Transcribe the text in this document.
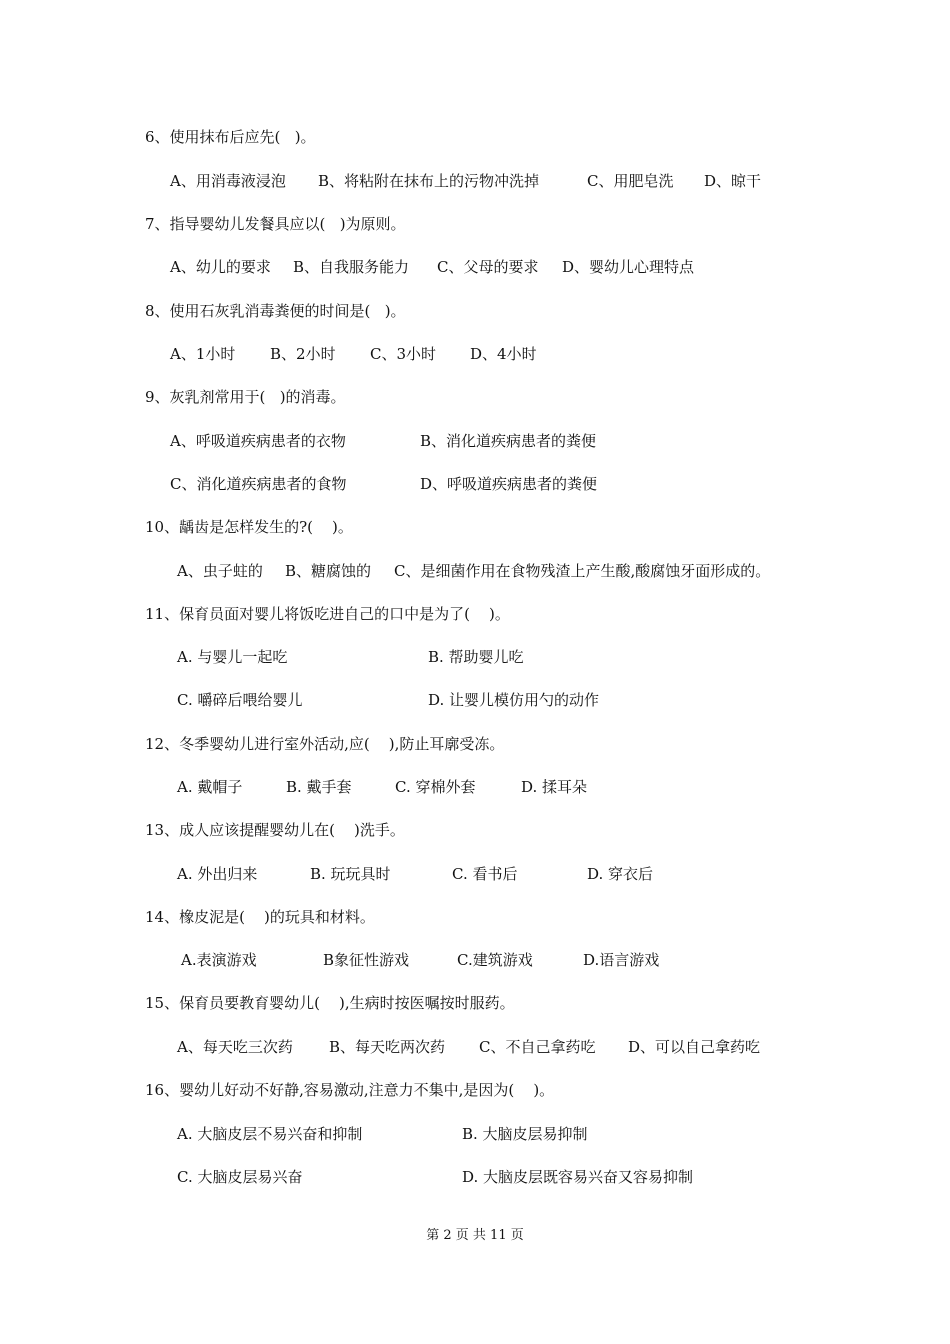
6、使用抹布后应先(   )。
A、用消毒液浸泡 B、将粘附在抹布上的污物冲洗掉	C、用肥皂洗 D、晾干
7、指导婴幼儿发餐具应以(   )为原则。
A、幼儿的要求 B、自我服务能力 C、父母的要求 D、婴幼儿心理特点
8、使用石灰乳消毒粪便的时间是(   )。
A、1小时 B、2小时 C、3小时 D、4小时
9、灰乳剂常用于(   )的消毒。
A、呼吸道疾病患者的衣物	B、消化道疾病患者的粪便
C、消化道疾病患者的食物	D、呼吸道疾病患者的粪便
10、龋齿是怎样发生的?(    )。
A、虫子蛀的 B、糖腐蚀的 C、是细菌作用在食物残渣上产生酸,酸腐蚀牙面形成的。
11、保育员面对婴儿将饭吃进自己的口中是为了(    )。
A. 与婴儿一起吃	B. 帮助婴儿吃
C. 嚼碎后喂给婴儿	D. 让婴儿模仿用勺的动作
12、冬季婴幼儿进行室外活动,应(    ),防止耳廓受冻。
A. 戴帽子	B. 戴手套	C. 穿棉外套	D. 揉耳朵
13、成人应该提醒婴幼儿在(    )洗手。
A. 外出归来	B. 玩玩具时	C. 看书后	D. 穿衣后
14、橡皮泥是(    )的玩具和材料。
A.表演游戏	B象征性游戏	C.建筑游戏	D.语言游戏
15、保育员要教育婴幼儿(    ),生病时按医嘱按时服药。
A、每天吃三次药 B、每天吃两次药 C、不自己拿药吃 D、可以自己拿药吃
16、婴幼儿好动不好静,容易激动,注意力不集中,是因为(    )。
A. 大脑皮层不易兴奋和抑制	B. 大脑皮层易抑制
C. 大脑皮层易兴奋	D. 大脑皮层既容易兴奋又容易抑制
第 2 页 共 11 页
